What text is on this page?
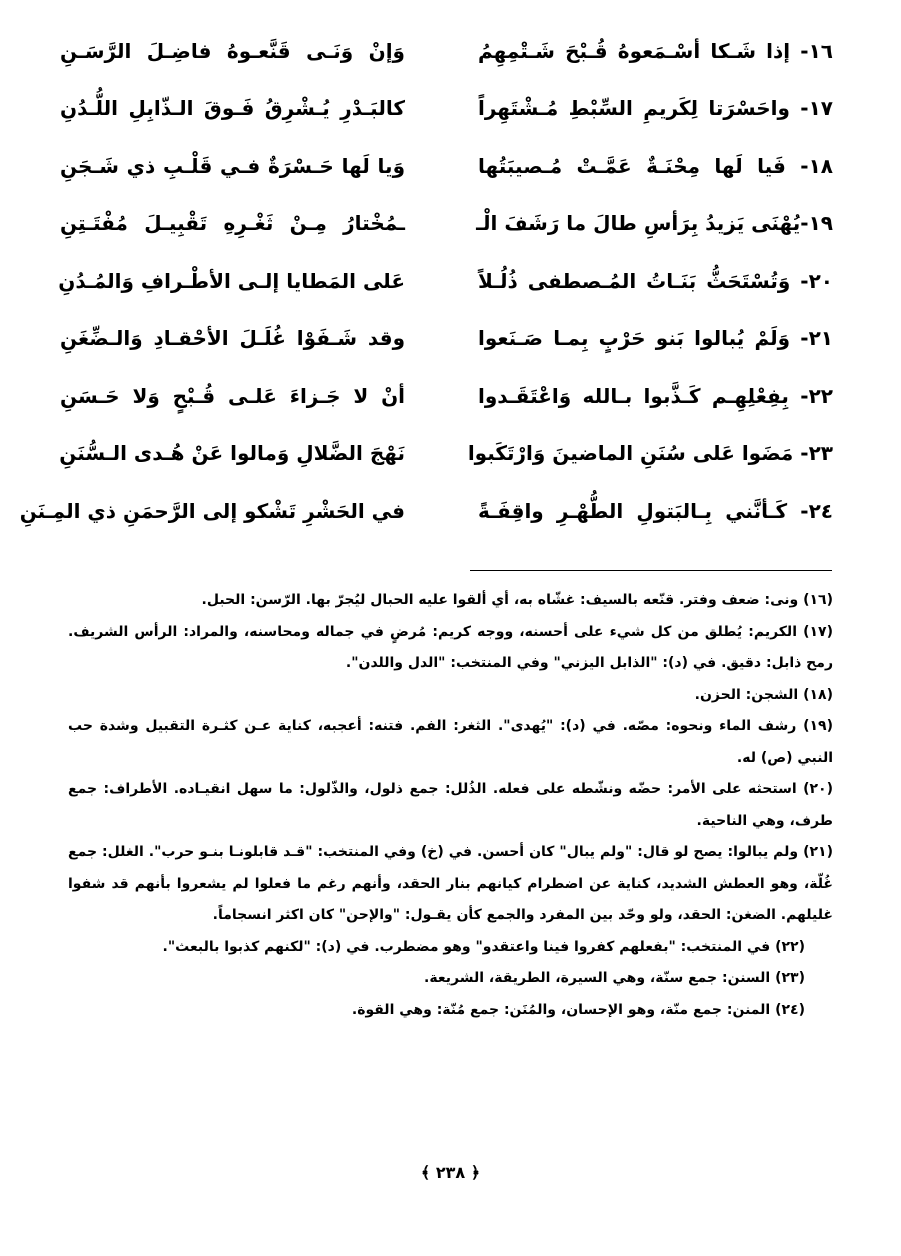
١٦- إذا شَـكا أسْـمَعوهُ قُـبْحَ شَـتْمِهِمُ
وَإنْ وَنَـى قَنَّعـوهُ فاضِـلَ الرَّسَـنِ
١٧- واحَسْرَتا لِكَريمِ السِّبْطِ مُـشْتَهِراً
كالبَـدْرِ يُـشْرِقُ فَـوقَ الـذّابِلِ اللُّـدُنِ
١٨- فَيا لَها مِحْنَـةٌ عَمَّـتْ مُـصيبَتُها
وَيا لَها حَـسْرَةٌ فـي قَلْـبِ ذي شَـجَنِ
١٩-يُهْنَى يَزيدُ بِرَأسِ طالَ ما رَشَفَ الْـ
ـمُخْتارُ مِـنْ ثَغْـرِهِ تَقْبِيـلَ مُفْتَـتِنِ
٢٠- وَتُسْتَحَثُّ بَنَـاتُ المُـصطفى ذُلُـلاً
عَلى المَطايا إلـى الأطْـرافِ وَالمُـدُنِ
٢١- وَلَمْ يُبالوا بَنو حَرْبٍ بِمـا صَـنَعوا
وقد شَـفَوْا غُلَـلَ الأحْقـادِ وَالـضِّغَنِ
٢٢- بِفِعْلِهِـم كَـذَّبوا بـالله وَاعْتَقَـدوا
أنْ لا جَـزاءَ عَلـى قُـبْحٍ وَلا حَـسَنِ
٢٣- مَضَوا عَلى سُنَنِ الماضينَ وَارْتَكَبوا
نَهْجَ الضَّلالِ وَمالوا عَنْ هُـدى الـسُّنَنِ
٢٤- كَـأنَّني بِـالبَتولِ الطُّهْـرِ واقِفَـةً
في الحَشْرِ تَشْكو إلى الرَّحمَنِ ذي المِـنَنِ
(١٦) ونى: ضعف وفتر. قنّعه بالسيف: غشّاه به، أي ألقوا عليه الحبال ليُجرّ بها. الرّسن: الحبل.
(١٧) الكريم: يُطلق من كل شيء على أحسنه، ووجه كريم: مُرضٍ في جماله ومحاسنه، والمراد: الرأس الشريف. رمح ذابل: دقيق. في (د): "الذابل اليزني" وفي المنتخب: "الدل واللدن".
(١٨) الشجن: الحزن.
(١٩) رشف الماء ونحوه: مصّه. في (د): "يُهدى". الثغر: الفم. فتنه: أعجبه، كناية عـن كثـرة التقبيل وشدة حب النبي (ص) له.
(٢٠) استحثه على الأمر: حضّه ونشّطه على فعله. الذُلل: جمع ذلول، والذّلول: ما سهل انقيـاده. الأطراف: جمع طرف، وهي الناحية.
(٢١) ولم يبالوا: يصح لو قال: "ولم يبال" كان أحسن. في (خ) وفي المنتخب: "قـد قابلونـا بنـو حرب". الغلل: جمع غُلّة، وهو العطش الشديد، كناية عن اضطرام كيانهم بنار الحقد، وأنهم رغم ما فعلوا لم يشعروا بأنهم قد شفوا غليلهم. الضغن: الحقد، ولو وحّد بين المفرد والجمع كأن يقـول: "والإحن" كان اكثر انسجاماً.
(٢٢) في المنتخب: "بفعلهم كفروا فينا واعتقدو" وهو مضطرب. في (د): "لكنهم كذبوا بالبعث".
(٢٣) السنن: جمع سنّة، وهي السيرة، الطريقة، الشريعة.
(٢٤) المنن: جمع منّة، وهو الإحسان، والمُنَن: جمع مُنّة: وهي القوة.
﴿ ٢٣٨ ﴾
